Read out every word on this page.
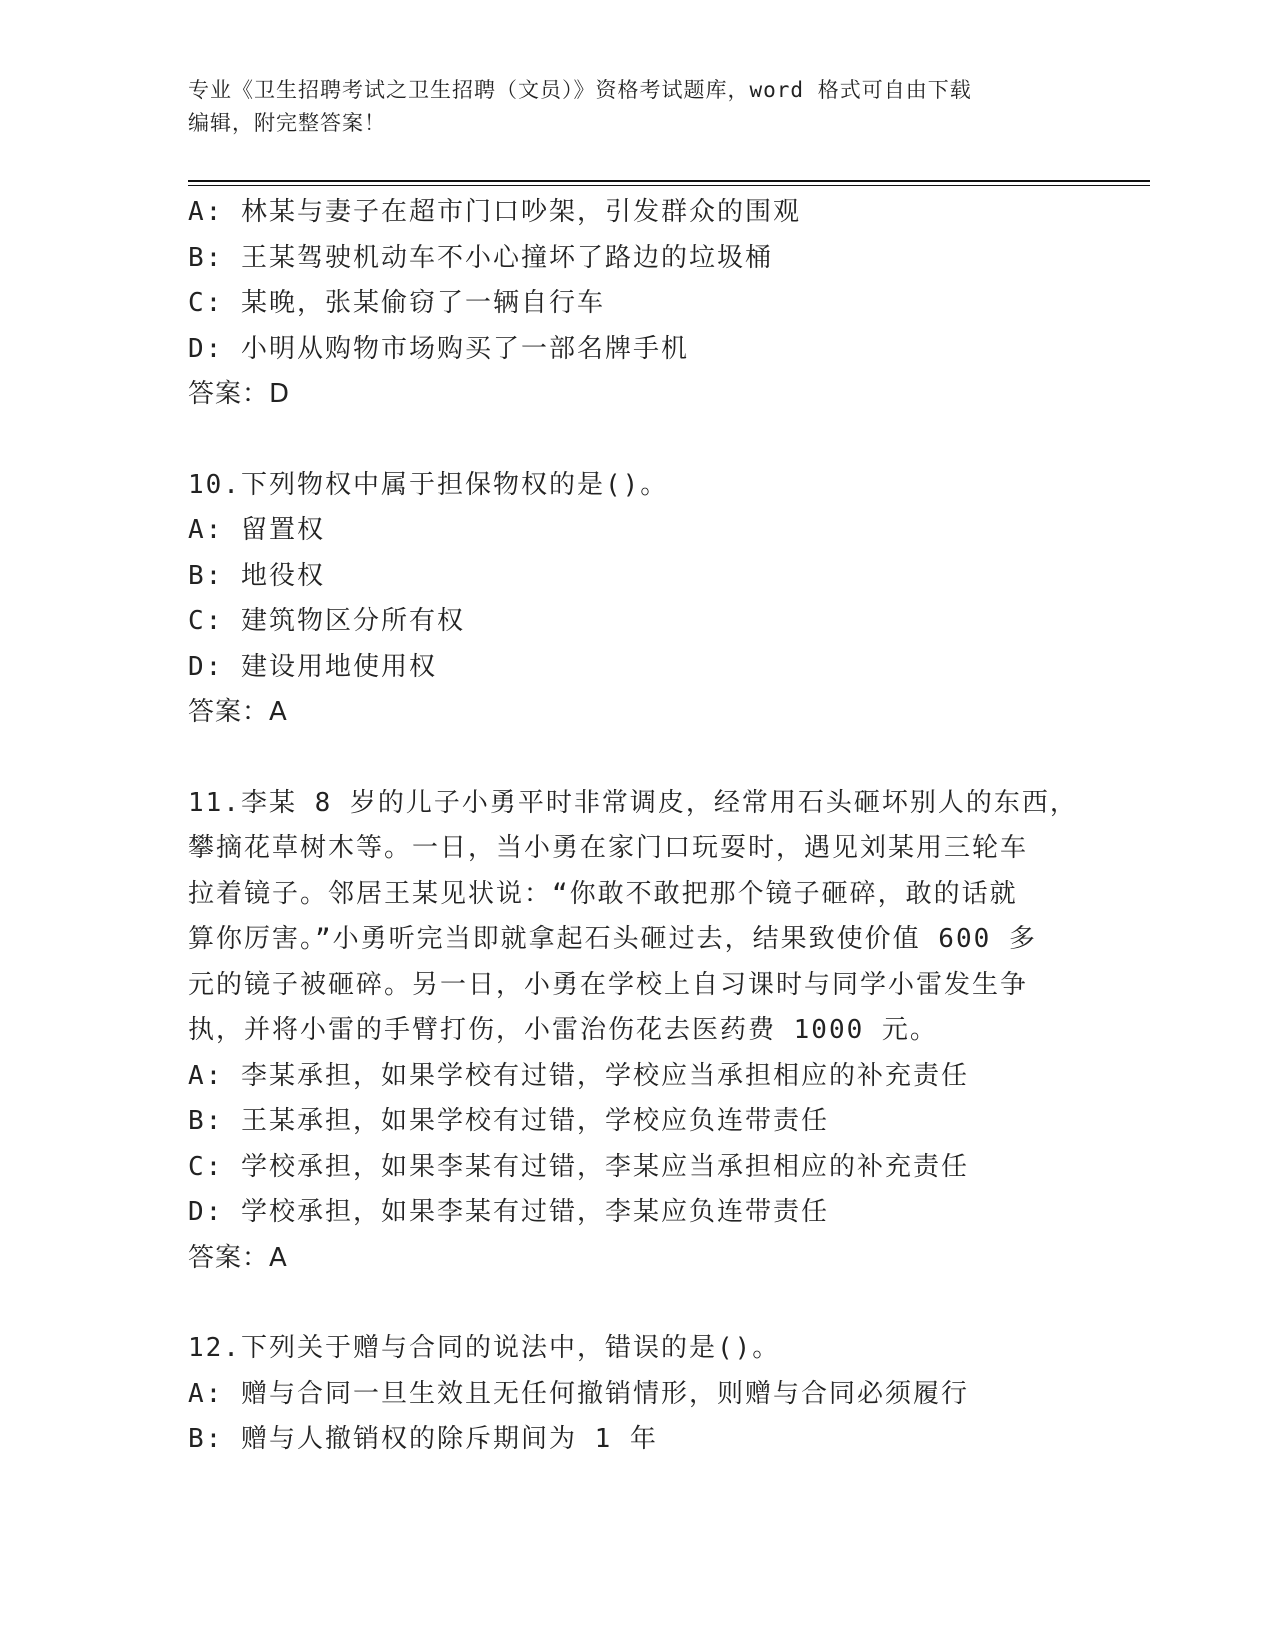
专业《卫生招聘考试之卫生招聘（文员）》资格考试题库，word 格式可自由下载
编辑，附完整答案！
A: 林某与妻子在超市门口吵架，引发群众的围观
B: 王某驾驶机动车不小心撞坏了路边的垃圾桶
C: 某晚，张某偷窃了一辆自行车
D: 小明从购物市场购买了一部名牌手机
答案：D
10.下列物权中属于担保物权的是()。
A: 留置权
B: 地役权
C: 建筑物区分所有权
D: 建设用地使用权
答案：A
11.李某 8 岁的儿子小勇平时非常调皮，经常用石头砸坏别人的东西，
攀摘花草树木等。一日，当小勇在家门口玩耍时，遇见刘某用三轮车
拉着镜子。邻居王某见状说：“你敢不敢把那个镜子砸碎，敢的话就
算你厉害。”小勇听完当即就拿起石头砸过去，结果致使价值 600 多
元的镜子被砸碎。另一日，小勇在学校上自习课时与同学小雷发生争
执，并将小雷的手臂打伤，小雷治伤花去医药费 1000 元。
A: 李某承担，如果学校有过错，学校应当承担相应的补充责任
B: 王某承担，如果学校有过错，学校应负连带责任
C: 学校承担，如果李某有过错，李某应当承担相应的补充责任
D: 学校承担，如果李某有过错，李某应负连带责任
答案：A
12.下列关于赠与合同的说法中，错误的是()。
A: 赠与合同一旦生效且无任何撤销情形，则赠与合同必须履行
B: 赠与人撤销权的除斥期间为 1 年
